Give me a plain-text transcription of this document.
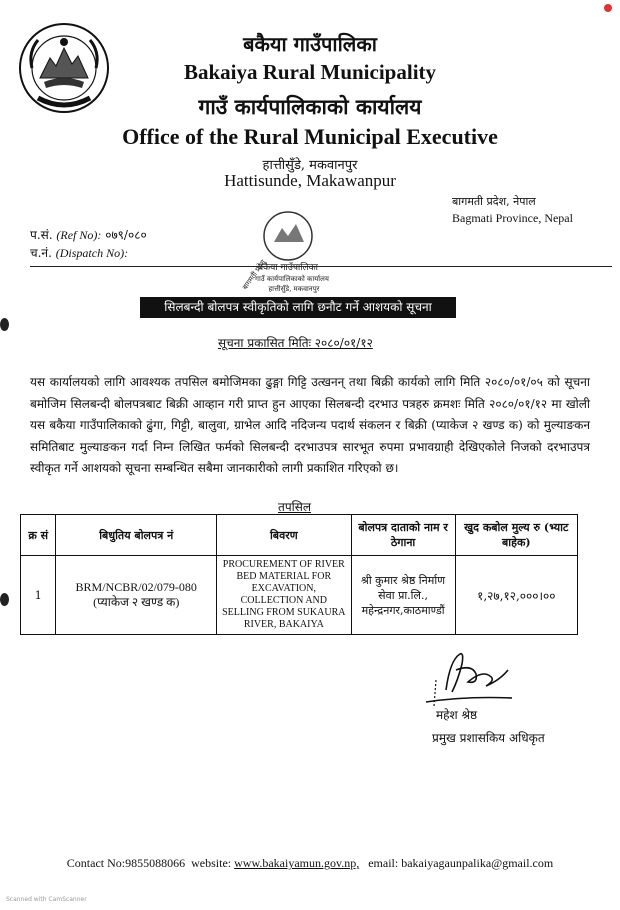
बकैया गाउँपालिका
Bakaiya Rural Municipality
गाउँ कार्यपालिकाको कार्यालय
Office of the Rural Municipal Executive
हात्तीसुँडे, मकवानपुर
Hattisunde, Makawanpur
बागमती प्रदेश, नेपाल
Bagmati Province, Nepal
प.सं. (Ref No): ०७९/०८०
च.नं. (Dispatch No):
बकैया गाउँपालिका
गाउँ कार्यपालिकाको कार्यालय
हात्तीसुँडे, मकवानपुर
बागमती प्रदेश
सिलबन्दी बोलपत्र स्वीकृतिको लागि छनौट गर्ने आशयको सूचना
सूचना प्रकासित मितिः २०८०/०१/१२
यस कार्यालयको लागि आवश्यक तपसिल बमोजिमका ढुङ्गा गिट्टि उत्खनन् तथा बिक्री कार्यको लागि मिति २०८०/०१/०५ को सूचना बमोजिम सिलबन्दी बोलपत्रबाट बिक्री आव्हान गरी प्राप्त हुन आएका सिलबन्दी दरभाउ पत्रहरु क्रमशः मिति २०८०/०१/१२ मा खोली यस बकैया गाउँपालिकाको ढुंगा, गिट्टी, बालुवा, ग्राभेल आदि नदिजन्य पदार्थ संकलन र बिक्री (प्याकेज २ खण्ड क) को मुल्याङकन समितिबाट मुल्याङकन गर्दा निम्न लिखित फर्मको सिलबन्दी दरभाउपत्र सारभूत रुपमा प्रभावग्राही देखिएकोले निजको दरभाउपत्र स्वीकृत गर्ने आशयको सूचना सम्बन्धित सबैमा जानकारीको लागी प्रकाशित गरिएको छ।
तपसिल
क्र सं	बिधुतिय बोलपत्र नं	बिवरण	बोलपत्र दाताको नाम र ठेगाना	खुद कबोल मुल्य रु (भ्याट बाहेक)
1	BRM/NCBR/02/079-080 (प्याकेज २ खण्ड क)	PROCUREMENT OF RIVER BED MATERIAL FOR EXCAVATION, COLLECTION AND SELLING FROM SUKAURA RIVER, BAKAIYA	श्री कुमार श्रेष्ठ निर्माण सेवा प्रा.लि., महेन्द्रनगर,काठमाण्डौं	१,२७,१२,०००।००
महेश श्रेष्ठ
प्रमुख प्रशासकिय अधिकृत
Contact No:9855088066 website: www.bakaiyamun.gov.np, email: bakaiyagaunpalika@gmail.com
Scanned with CamScanner
